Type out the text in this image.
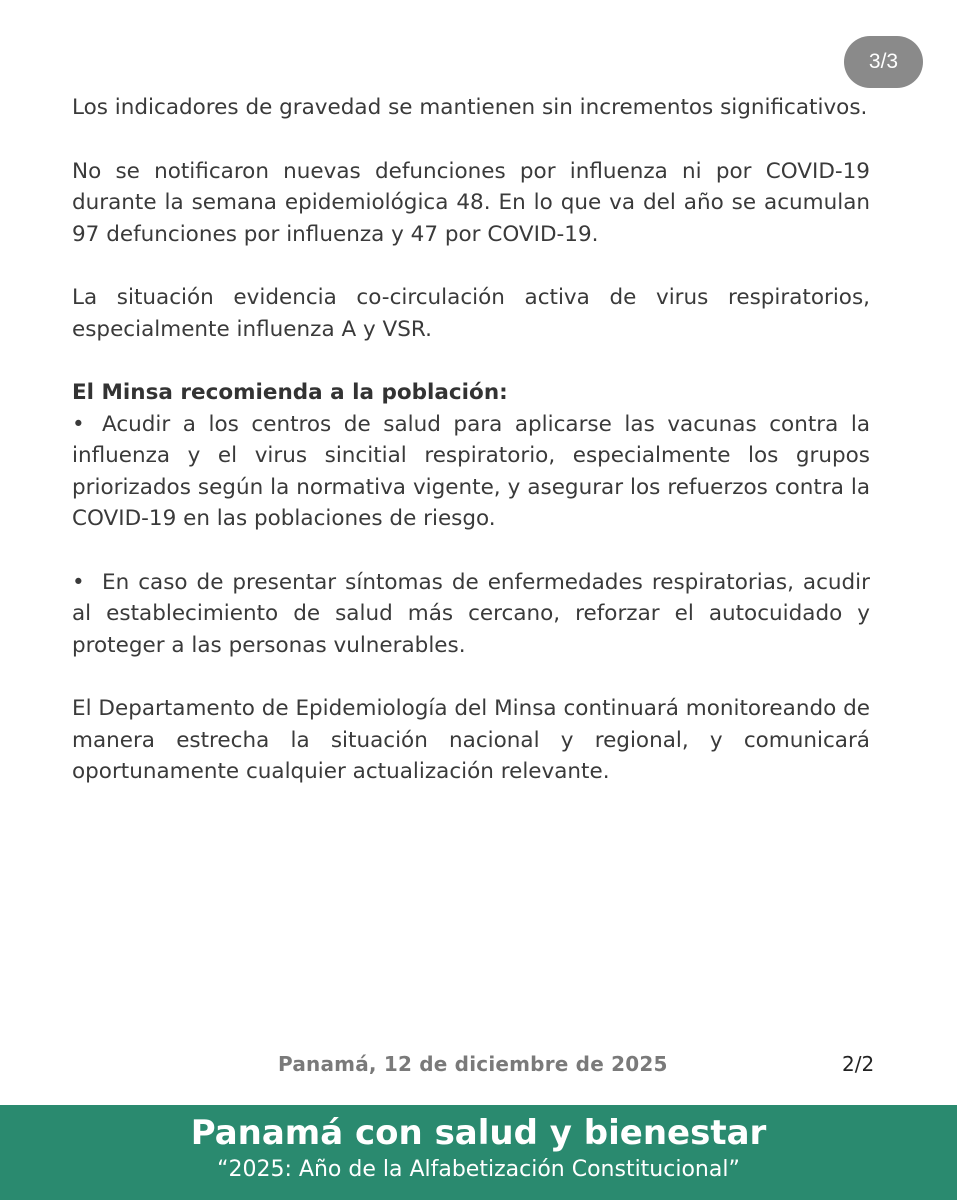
3/3

Los indicadores de gravedad se mantienen sin incrementos significativos.

No se notificaron nuevas defunciones por influenza ni por COVID-19 durante la semana epidemiológica 48. En lo que va del año se acumulan 97 defunciones por influenza y 47 por COVID-19.

La situación evidencia co-circulación activa de virus respiratorios, especialmente influenza A y VSR.

El Minsa recomienda a la población:

• Acudir a los centros de salud para aplicarse las vacunas contra la influenza y el virus sincitial respiratorio, especialmente los grupos priorizados según la normativa vigente, y asegurar los refuerzos contra la COVID-19 en las poblaciones de riesgo.

• En caso de presentar síntomas de enfermedades respiratorias, acudir al establecimiento de salud más cercano, reforzar el autocuidado y proteger a las personas vulnerables.

El Departamento de Epidemiología del Minsa continuará monitoreando de manera estrecha la situación nacional y regional, y comunicará oportunamente cualquier actualización relevante.

Panamá, 12 de diciembre de 2025	2/2
Panamá con salud y bienestar
“2025: Año de la Alfabetización Constitucional”
